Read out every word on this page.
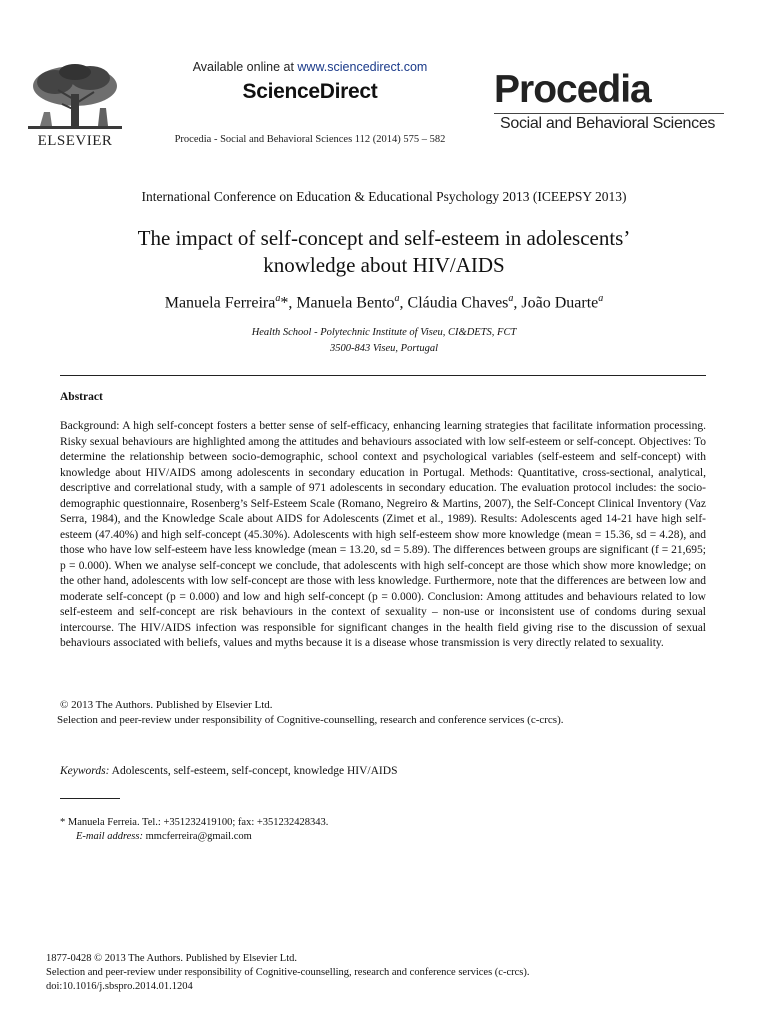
ELSEVIER
Available online at www.sciencedirect.com
ScienceDirect
Procedia - Social and Behavioral Sciences 112 (2014) 575 – 582
Procedia
Social and Behavioral Sciences
International Conference on Education & Educational Psychology 2013 (ICEEPSY 2013)
The impact of self-concept and self-esteem in adolescents’
knowledge about HIV/AIDS
Manuela Ferreira$^a$*, Manuela Bento$^a$, Cláudia Chaves$^a$, João Duarte$^a$
Health School - Polytechnic Institute of Viseu, CI&DETS, FCT
3500-843 Viseu, Portugal
Abstract

Background: A high self-concept fosters a better sense of self-efficacy, enhancing learning strategies that facilitate information processing. Risky sexual behaviours are highlighted among the attitudes and behaviours associated with low self-esteem or self-concept. Objectives: To determine the relationship between socio-demographic, school context and psychological variables (self-esteem and self-concept) with knowledge about HIV/AIDS among adolescents in secondary education in Portugal. Methods: Quantitative, cross-sectional, analytical, descriptive and correlational study, with a sample of 971 adolescents in secondary education. The evaluation protocol includes: the socio-demographic questionnaire, Rosenberg’s Self-Esteem Scale (Romano, Negreiro & Martins, 2007), the Self-Concept Clinical Inventory (Vaz Serra, 1984), and the Knowledge Scale about AIDS for Adolescents (Zimet et al., 1989). Results: Adolescents aged 14-21 have high self-esteem (47.40%) and high self-concept (45.30%). Adolescents with high self-esteem show more knowledge (mean = 15.36, sd = 4.28), and those who have low self-esteem have less knowledge (mean = 13.20, sd = 5.89). The differences between groups are significant (f = 21,695; p = 0.000). When we analyse self-concept we conclude, that adolescents with high self-concept are those which show more knowledge; on the other hand, adolescents with low self-concept are those with less knowledge. Furthermore, note that the differences are between low and moderate self-concept (p = 0.000) and low and high self-concept (p = 0.000). Conclusion: Among attitudes and behaviours related to low self-esteem and self-concept are risk behaviours in the context of sexuality – non-use or inconsistent use of condoms during sexual intercourse. The HIV/AIDS infection was responsible for significant changes in the health field giving rise to the discussion of sexual behaviours associated with beliefs, values and myths because it is a disease whose transmission is very directly related to sexuality.

© 2013 The Authors. Published by Elsevier Ltd.
Selection and peer-review under responsibility of Cognitive-counselling, research and conference services (c-crcs).
Keywords: Adolescents, self-esteem, self-concept, knowledge HIV/AIDS
* Manuela Ferreia. Tel.: +351232419100; fax: +351232428343.
E-mail address: mmcferreira@gmail.com
1877-0428 © 2013 The Authors. Published by Elsevier Ltd.
Selection and peer-review under responsibility of Cognitive-counselling, research and conference services (c-crcs).
doi:10.1016/j.sbspro.2014.01.1204
